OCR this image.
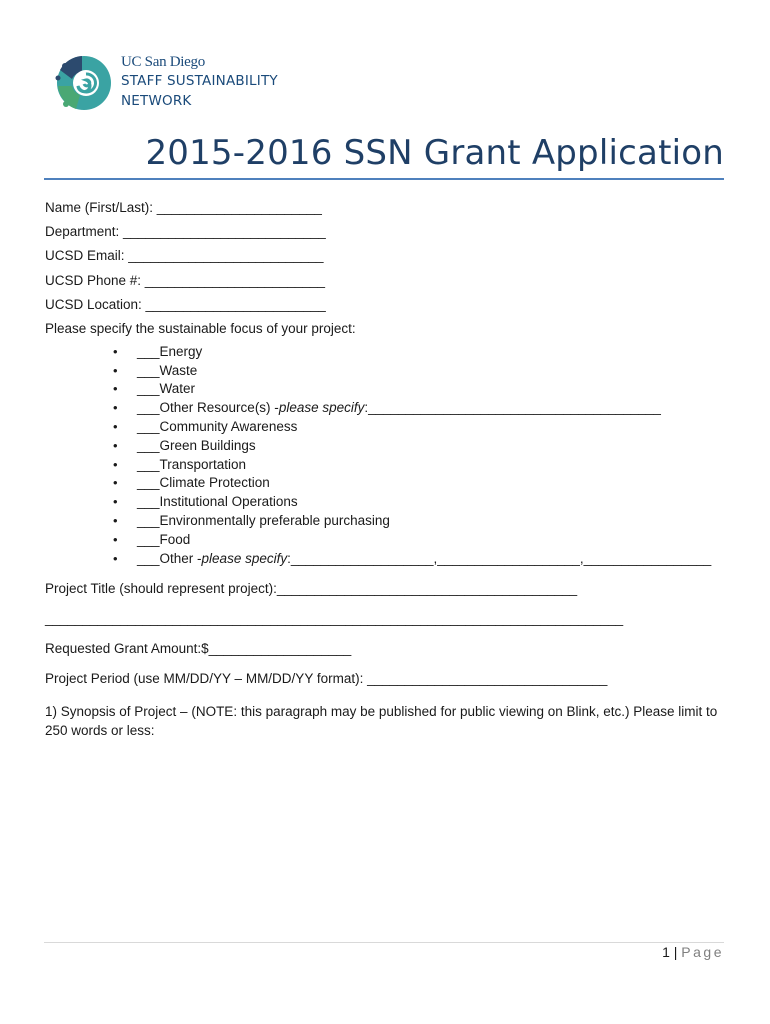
UC San Diego
STAFF SUSTAINABILITY
NETWORK
2015-2016 SSN Grant Application
Name (First/Last): ______________________
Department: ___________________________
UCSD Email: __________________________
UCSD Phone #: ________________________
UCSD Location: ________________________
Please specify the sustainable focus of your project:
•	___Energy
•	___Waste
•	___Water
•	___Other Resource(s) - please specify :_______________________________________
•	___Community Awareness
•	___Green Buildings
•	___Transportation
•	___Climate Protection
•	___Institutional Operations
•	___Environmentally preferable purchasing
•	___Food
•	___Other - please specify :___________________,___________________,_________________
Project Title (should represent project):________________________________________
_____________________________________________________________________________
Requested Grant Amount:$___________________
Project Period (use MM/DD/YY – MM/DD/YY format): ________________________________
1) Synopsis of Project – (NOTE: this paragraph may be published for public viewing on Blink, etc.) Please limit to 250 words or less:
1 | Page
